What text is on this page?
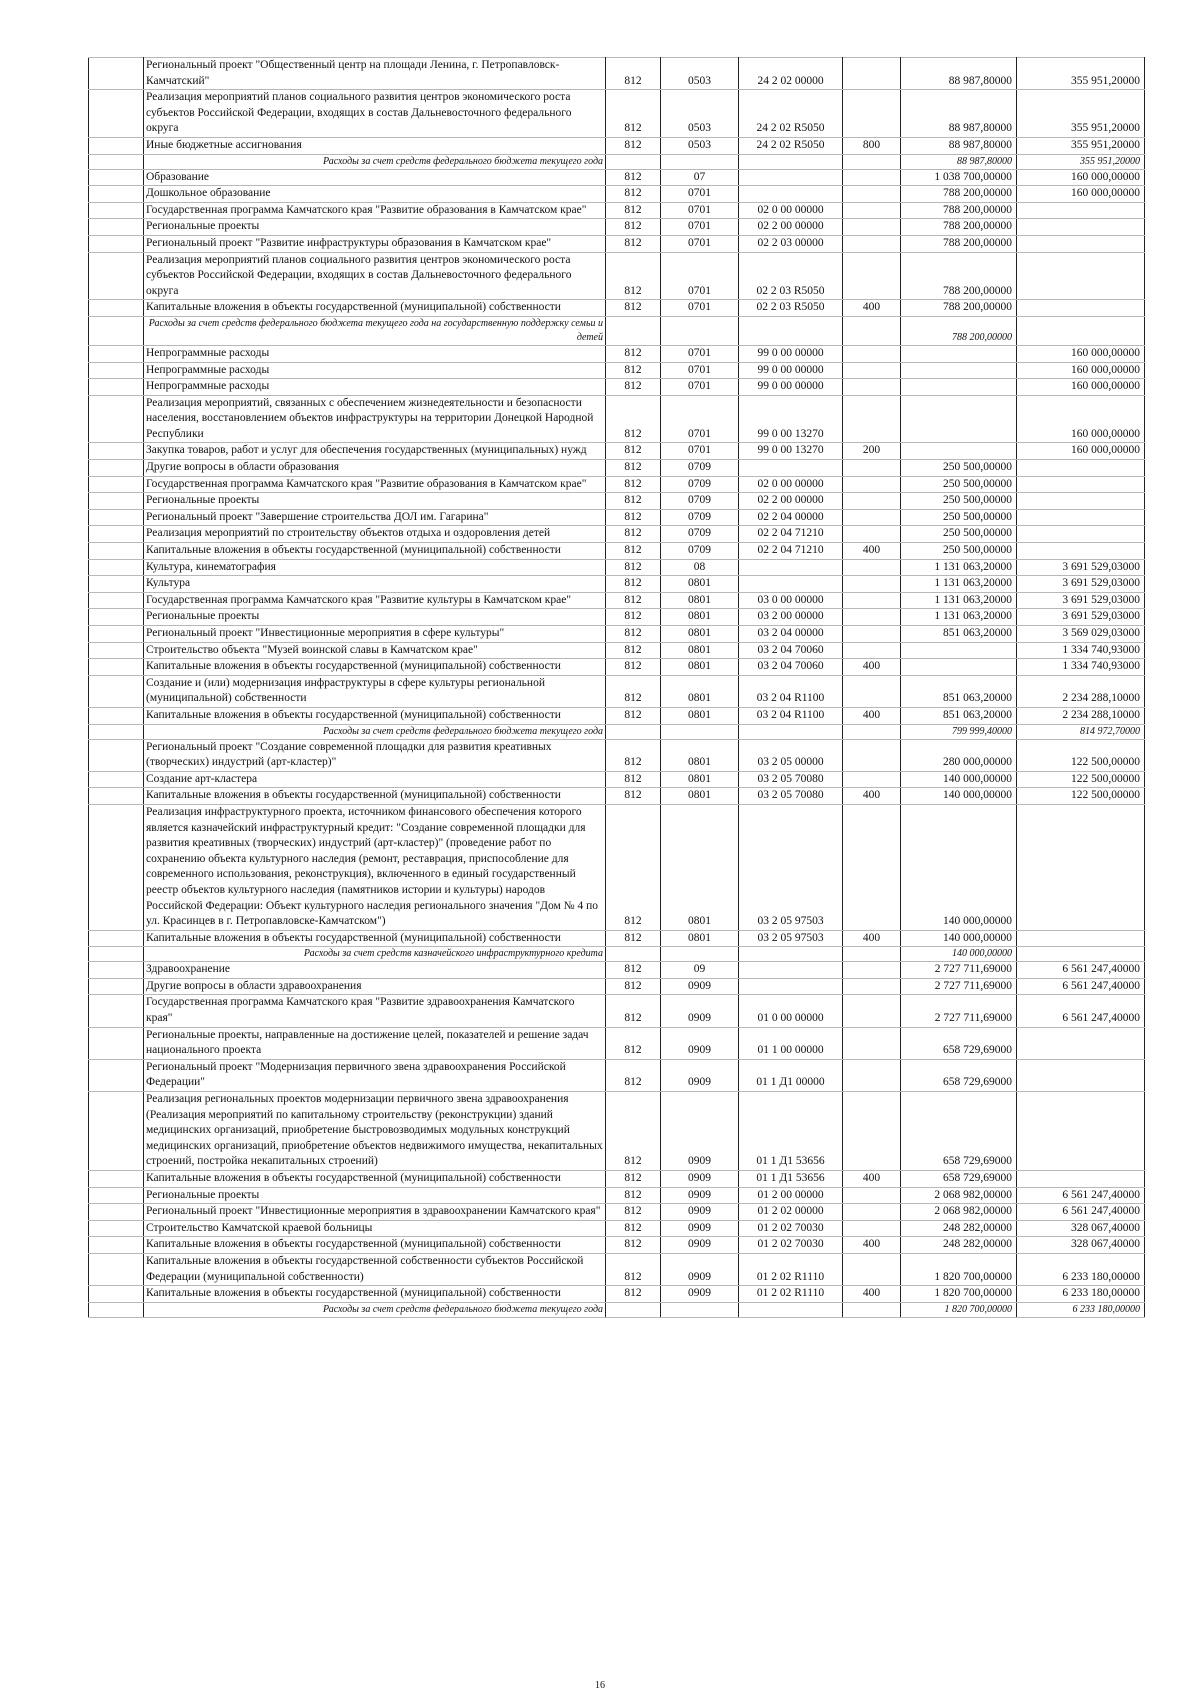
	Региональный проект "Общественный центр на площади Ленина, г. Петропавловск-Камчатский"	812	0503	24 2 02 00000		88 987,80000	355 951,20000
	Реализация мероприятий планов социального развития центров экономического роста субъектов Российской Федерации, входящих в состав Дальневосточного федерального округа	812	0503	24 2 02 R5050		88 987,80000	355 951,20000
	Иные бюджетные ассигнования	812	0503	24 2 02 R5050	800	88 987,80000	355 951,20000
	Расходы за счет средств федерального бюджета текущего года					88 987,80000	355 951,20000
	Образование	812	07			1 038 700,00000	160 000,00000
	Дошкольное образование	812	0701			788 200,00000	160 000,00000
	Государственная программа Камчатского края "Развитие образования в Камчатском крае"	812	0701	02 0 00 00000		788 200,00000	
	Региональные проекты	812	0701	02 2 00 00000		788 200,00000	
	Региональный проект "Развитие инфраструктуры образования в Камчатском крае"	812	0701	02 2 03 00000		788 200,00000	
	Реализация мероприятий планов социального развития центров экономического роста субъектов Российской Федерации, входящих в состав Дальневосточного федерального округа	812	0701	02 2 03 R5050		788 200,00000	
	Капитальные вложения в объекты государственной (муниципальной) собственности	812	0701	02 2 03 R5050	400	788 200,00000	
	Расходы за счет средств федерального бюджета текущего года на государственную поддержку семьи и детей					788 200,00000	
	Непрограммные расходы	812	0701	99 0 00 00000			160 000,00000
	Непрограммные расходы	812	0701	99 0 00 00000			160 000,00000
	Непрограммные расходы	812	0701	99 0 00 00000			160 000,00000
	Реализация мероприятий, связанных с обеспечением жизнедеятельности и безопасности населения, восстановлением объектов инфраструктуры на территории Донецкой Народной Республики	812	0701	99 0 00 13270			160 000,00000
	Закупка товаров, работ и услуг для обеспечения государственных (муниципальных) нужд	812	0701	99 0 00 13270	200		160 000,00000
	Другие вопросы в области образования	812	0709			250 500,00000	
	Государственная программа Камчатского края "Развитие образования в Камчатском крае"	812	0709	02 0 00 00000		250 500,00000	
	Региональные проекты	812	0709	02 2 00 00000		250 500,00000	
	Региональный проект "Завершение строительства ДОЛ им. Гагарина"	812	0709	02 2 04 00000		250 500,00000	
	Реализация мероприятий по строительству объектов отдыха и оздоровления детей	812	0709	02 2 04 71210		250 500,00000	
	Капитальные вложения в объекты государственной (муниципальной) собственности	812	0709	02 2 04 71210	400	250 500,00000	
	Культура, кинематография	812	08			1 131 063,20000	3 691 529,03000
	Культура	812	0801			1 131 063,20000	3 691 529,03000
	Государственная программа Камчатского края "Развитие культуры в Камчатском крае"	812	0801	03 0 00 00000		1 131 063,20000	3 691 529,03000
	Региональные проекты	812	0801	03 2 00 00000		1 131 063,20000	3 691 529,03000
	Региональный проект "Инвестиционные мероприятия в сфере культуры"	812	0801	03 2 04 00000		851 063,20000	3 569 029,03000
	Строительство объекта "Музей воинской славы в Камчатском крае"	812	0801	03 2 04 70060			1 334 740,93000
	Капитальные вложения в объекты государственной (муниципальной) собственности	812	0801	03 2 04 70060	400		1 334 740,93000
	Создание и (или) модернизация инфраструктуры в сфере культуры региональной (муниципальной) собственности	812	0801	03 2 04 R1100		851 063,20000	2 234 288,10000
	Капитальные вложения в объекты государственной (муниципальной) собственности	812	0801	03 2 04 R1100	400	851 063,20000	2 234 288,10000
	Расходы за счет средств федерального бюджета текущего года					799 999,40000	814 972,70000
	Региональный проект "Создание современной площадки для развития креативных (творческих) индустрий (арт-кластер)"	812	0801	03 2 05 00000		280 000,00000	122 500,00000
	Создание арт-кластера	812	0801	03 2 05 70080		140 000,00000	122 500,00000
	Капитальные вложения в объекты государственной (муниципальной) собственности	812	0801	03 2 05 70080	400	140 000,00000	122 500,00000
	Реализация инфраструктурного проекта, источником финансового обеспечения которого является казначейский инфраструктурный кредит: "Создание современной площадки для развития креативных (творческих) индустрий (арт-кластер)" (проведение работ по сохранению объекта культурного наследия (ремонт, реставрация, приспособление для современного использования, реконструкция), включенного в единый государственный реестр объектов культурного наследия (памятников истории и культуры) народов Российской Федерации: Объект культурного наследия регионального значения "Дом № 4 по ул. Красинцев в г. Петропавловске-Камчатском")	812	0801	03 2 05 97503		140 000,00000	
	Капитальные вложения в объекты государственной (муниципальной) собственности	812	0801	03 2 05 97503	400	140 000,00000	
	Расходы за счет средств казначейского инфраструктурного кредита					140 000,00000	
	Здравоохранение	812	09			2 727 711,69000	6 561 247,40000
	Другие вопросы в области здравоохранения	812	0909			2 727 711,69000	6 561 247,40000
	Государственная программа Камчатского края "Развитие здравоохранения Камчатского края"	812	0909	01 0 00 00000		2 727 711,69000	6 561 247,40000
	Региональные проекты, направленные на достижение целей, показателей и решение задач национального проекта	812	0909	01 1 00 00000		658 729,69000	
	Региональный проект "Модернизация первичного звена здравоохранения Российской Федерации"	812	0909	01 1 Д1 00000		658 729,69000	
	Реализация региональных проектов модернизации первичного звена здравоохранения (Реализация мероприятий по капитальному строительству (реконструкции) зданий медицинских организаций, приобретение быстровозводимых модульных конструкций медицинских организаций, приобретение объектов недвижимого имущества, некапитальных строений, постройка некапитальных строений)	812	0909	01 1 Д1 53656		658 729,69000	
	Капитальные вложения в объекты государственной (муниципальной) собственности	812	0909	01 1 Д1 53656	400	658 729,69000	
	Региональные проекты	812	0909	01 2 00 00000		2 068 982,00000	6 561 247,40000
	Региональный проект "Инвестиционные мероприятия в здравоохранении Камчатского края"	812	0909	01 2 02 00000		2 068 982,00000	6 561 247,40000
	Строительство Камчатской краевой больницы	812	0909	01 2 02 70030		248 282,00000	328 067,40000
	Капитальные вложения в объекты государственной (муниципальной) собственности	812	0909	01 2 02 70030	400	248 282,00000	328 067,40000
	Капитальные вложения в объекты государственной собственности субъектов Российской Федерации (муниципальной собственности)	812	0909	01 2 02 R1110		1 820 700,00000	6 233 180,00000
	Капитальные вложения в объекты государственной (муниципальной) собственности	812	0909	01 2 02 R1110	400	1 820 700,00000	6 233 180,00000
	Расходы за счет средств федерального бюджета текущего года					1 820 700,00000	6 233 180,00000
16
